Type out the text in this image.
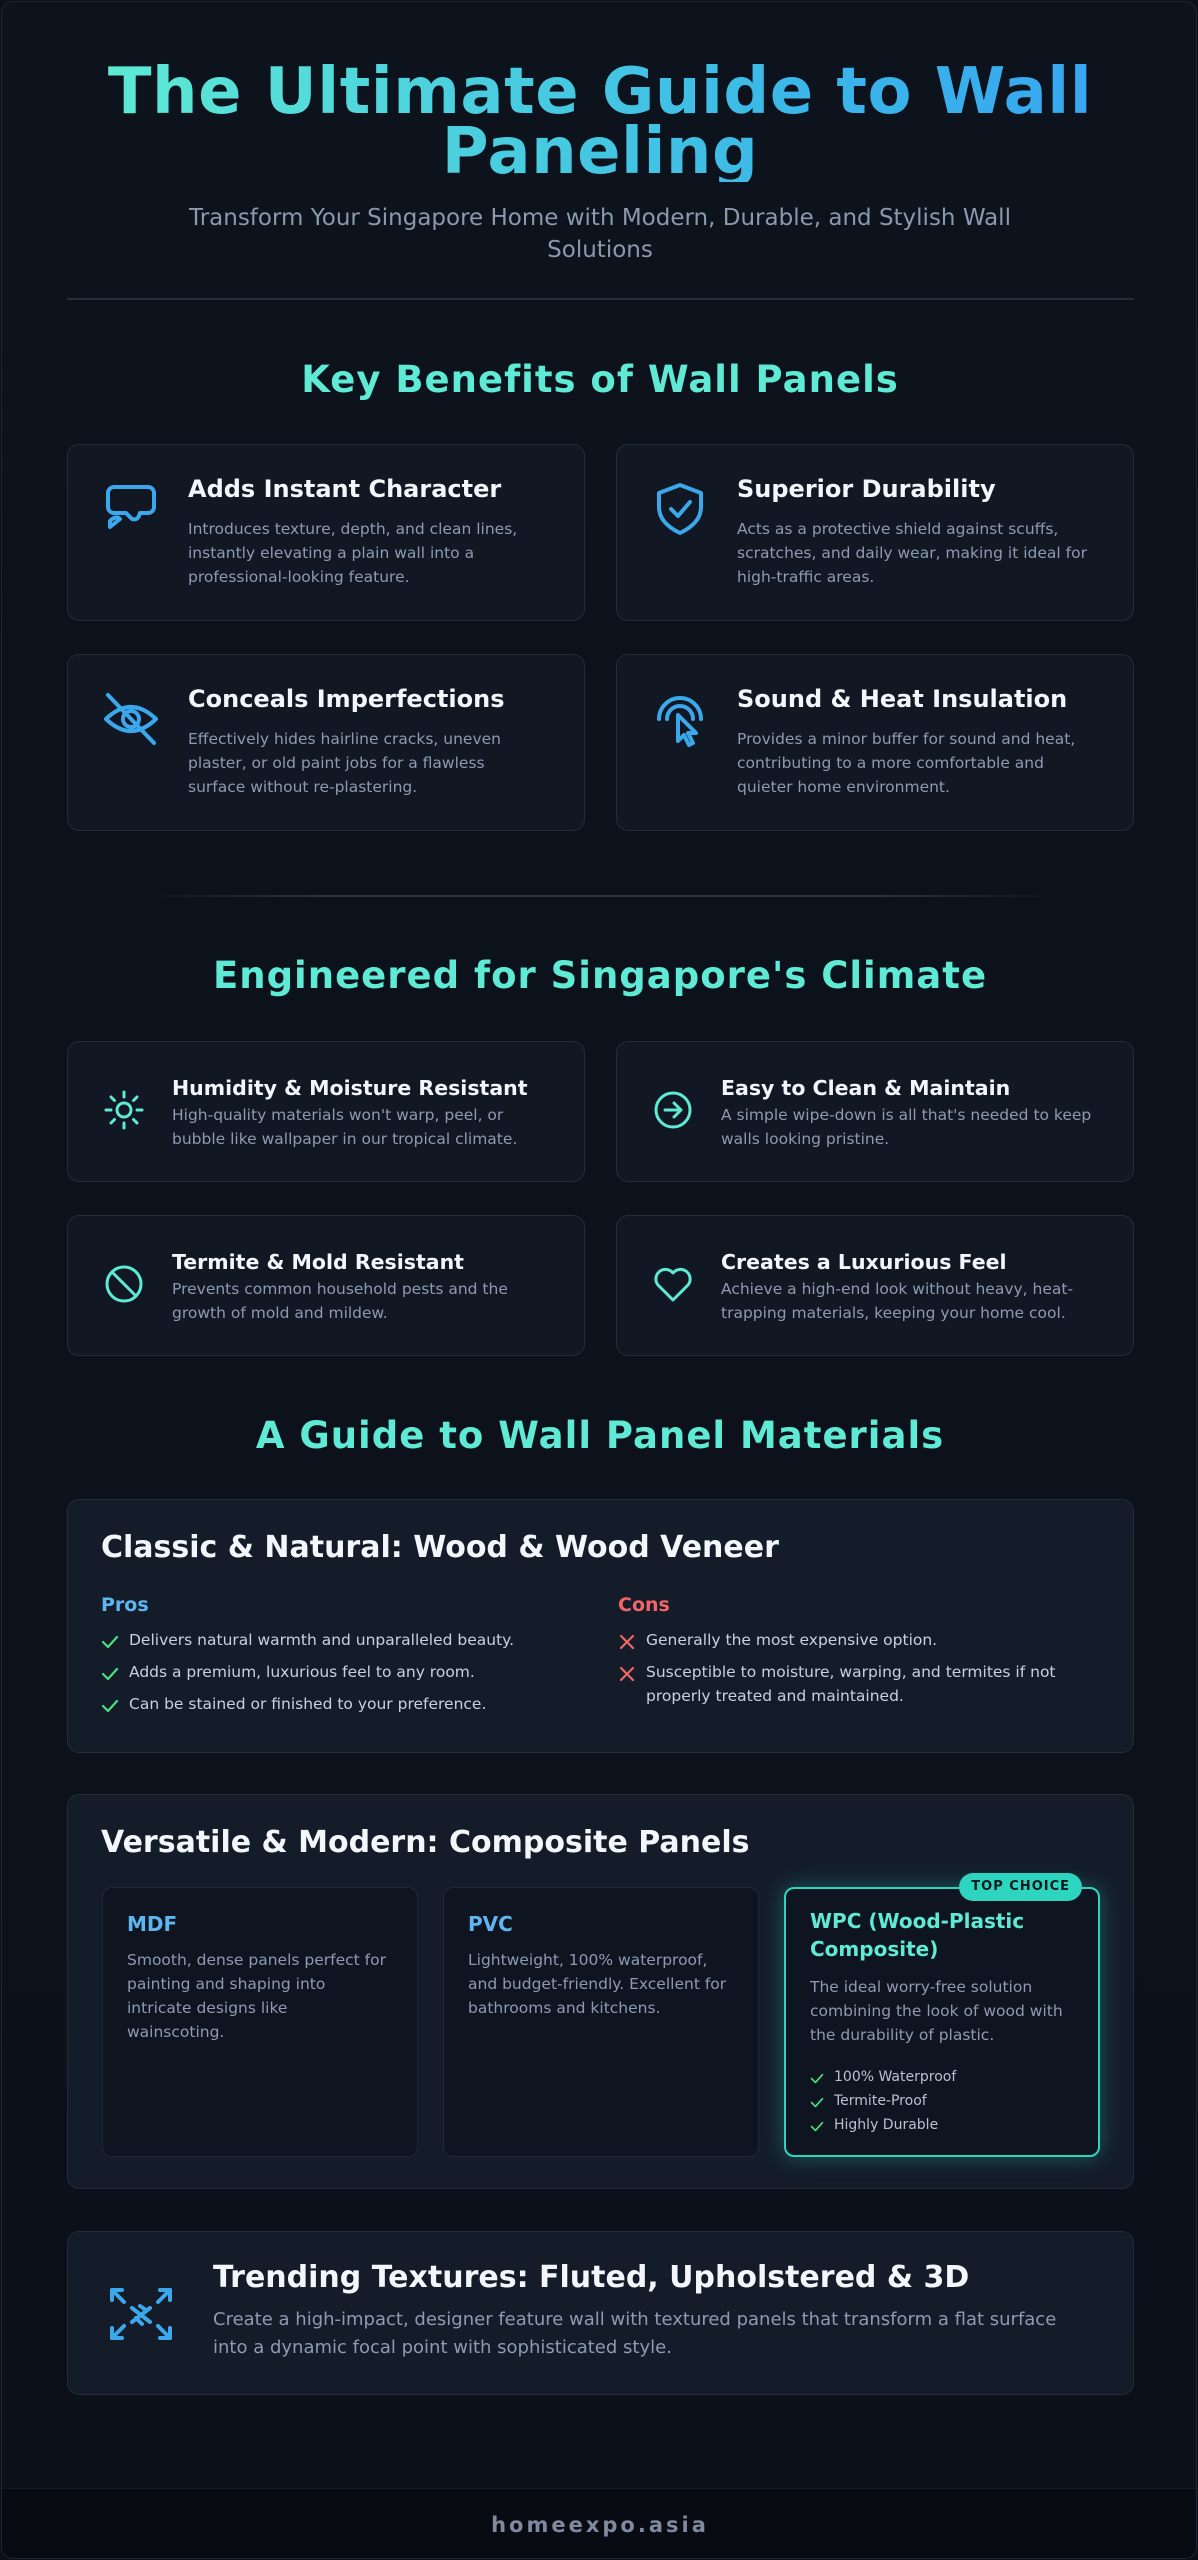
The Ultimate Guide to Wall Paneling
Transform Your Singapore Home with Modern, Durable, and Stylish Wall Solutions
Key Benefits of Wall Panels
Adds Instant Character
Introduces texture, depth, and clean lines, instantly elevating a plain wall into a professional-looking feature.
Superior Durability
Acts as a protective shield against scuffs, scratches, and daily wear, making it ideal for high-traffic areas.
Conceals Imperfections
Effectively hides hairline cracks, uneven plaster, or old paint jobs for a flawless surface without re-plastering.
Sound & Heat Insulation
Provides a minor buffer for sound and heat, contributing to a more comfortable and quieter home environment.
Engineered for Singapore's Climate
Humidity & Moisture Resistant
High-quality materials won't warp, peel, or bubble like wallpaper in our tropical climate.
Easy to Clean & Maintain
A simple wipe-down is all that's needed to keep walls looking pristine.
Termite & Mold Resistant
Prevents common household pests and the growth of mold and mildew.
Creates a Luxurious Feel
Achieve a high-end look without heavy, heat-trapping materials, keeping your home cool.
A Guide to Wall Panel Materials
Classic & Natural: Wood & Wood Veneer
Pros
Delivers natural warmth and unparalleled beauty.
Adds a premium, luxurious feel to any room.
Can be stained or finished to your preference.
Cons
Generally the most expensive option.
Susceptible to moisture, warping, and termites if not properly treated and maintained.
Versatile & Modern: Composite Panels
MDF
Smooth, dense panels perfect for painting and shaping into intricate designs like wainscoting.
PVC
Lightweight, 100% waterproof, and budget-friendly. Excellent for bathrooms and kitchens.
TOP CHOICE
WPC (Wood-Plastic Composite)
The ideal worry-free solution combining the look of wood with the durability of plastic.
100% Waterproof
Termite-Proof
Highly Durable
Trending Textures: Fluted, Upholstered & 3D
Create a high-impact, designer feature wall with textured panels that transform a flat surface into a dynamic focal point with sophisticated style.
homeexpo.asia
